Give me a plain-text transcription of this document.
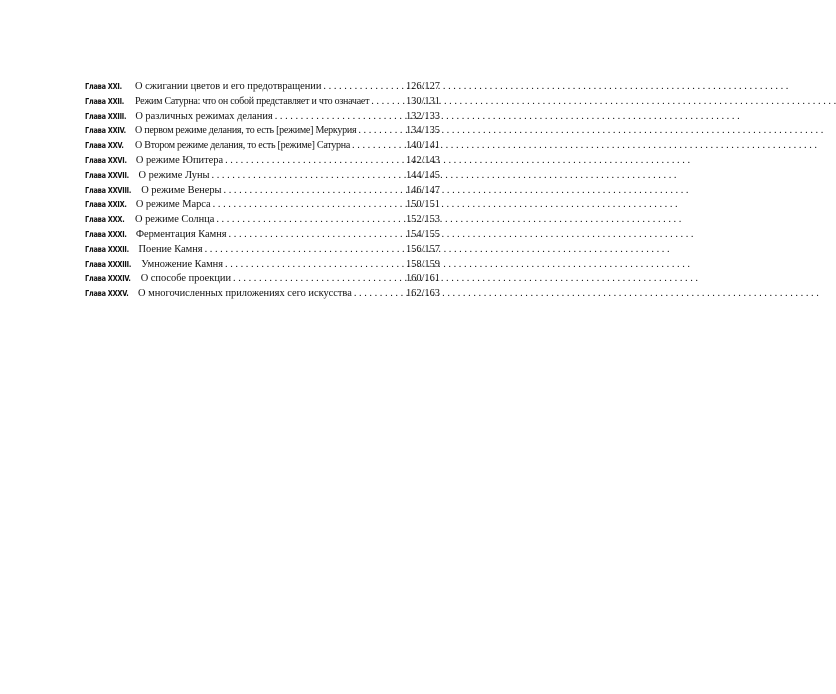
Глава XXI.	О сжигании цветов и его предотвращении . . .	126/127
Глава XXII. Режим Сатурна: что он собой представляет и что означает . . .	130/131
Глава XXIII. О различных режимах делания . . .	132/133
Глава XXIV. О первом режиме делания, то есть [режиме] Меркурия . . .	134/135
Глава XXV. О Втором режиме делания, то есть [режиме] Сатурна . . .	140/141
Глава XXVI. О режиме Юпитера . . .	142/143
Глава XXVII. О режиме Луны . . .	144/145
Глава XXVIII. О режиме Венеры . . .	146/147
Глава XXIX. О режиме Марса . . .	150/151
Глава XXX. О режиме Солнца . . .	152/153
Глава XXXI. Ферментация Камня . . .	154/155
Глава XXXII. Поение Камня . . .	156/157
Глава XXXIII. Умножение Камня . . .	158/159
Глава XXXIV. О способе проекции . . .	160/161
Глава XXXV. О многочисленных приложениях сего искусства . . .	162/163
